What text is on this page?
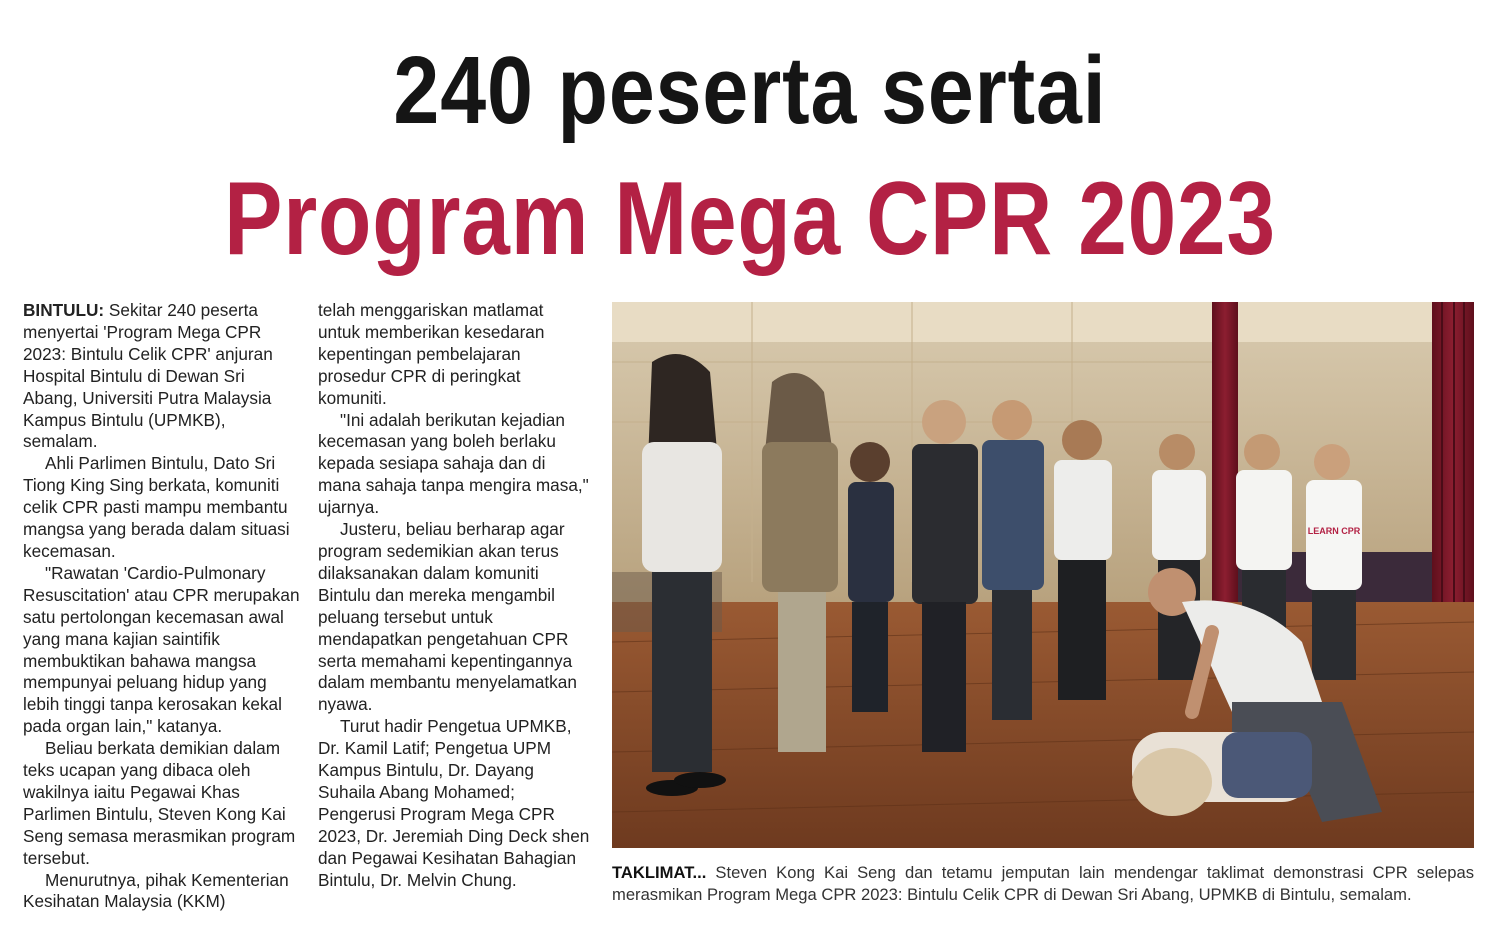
240 peserta sertai
Program Mega CPR 2023

BINTULU: Sekitar 240 peserta menyertai 'Program Mega CPR 2023: Bintulu Celik CPR' anjuran Hospital Bintulu di Dewan Sri Abang, Universiti Putra Malaysia Kampus Bintulu (UPMKB), semalam.

Ahli Parlimen Bintulu, Dato Sri Tiong King Sing berkata, komuniti celik CPR pasti mampu membantu mangsa yang berada dalam situasi kecemasan.

"Rawatan 'Cardio-Pulmonary Resuscitation' atau CPR merupakan satu pertolongan kecemasan awal yang mana kajian saintifik membuktikan bahawa mangsa mempunyai peluang hidup yang lebih tinggi tanpa kerosakan kekal pada organ lain," katanya.

Beliau berkata demikian dalam teks ucapan yang dibaca oleh wakilnya iaitu Pegawai Khas Parlimen Bintulu, Steven Kong Kai Seng semasa merasmikan program tersebut.

Menurutnya, pihak Kementerian Kesihatan Malaysia (KKM)

telah menggariskan matlamat untuk memberikan kesedaran kepentingan pembelajaran prosedur CPR di peringkat komuniti.

"Ini adalah berikutan kejadian kecemasan yang boleh berlaku kepada sesiapa sahaja dan di mana sahaja tanpa mengira masa," ujarnya.

Justeru, beliau berharap agar program sedemikian akan terus dilaksanakan dalam komuniti Bintulu dan mereka mengambil peluang tersebut untuk mendapatkan pengetahuan CPR serta memahami kepentingannya dalam membantu menyelamatkan nyawa.

Turut hadir Pengetua UPMKB, Dr. Kamil Latif; Pengetua UPM Kampus Bintulu, Dr. Dayang Suhaila Abang Mohamed; Pengerusi Program Mega CPR 2023, Dr. Jeremiah Ding Deck shen dan Pegawai Kesihatan Bahagian Bintulu, Dr. Melvin Chung.

LEARN CPR
TAKLIMAT... Steven Kong Kai Seng dan tetamu jemputan lain mendengar taklimat demonstrasi CPR selepas merasmikan Program Mega CPR 2023: Bintulu Celik CPR di Dewan Sri Abang, UPMKB di Bintulu, semalam.
